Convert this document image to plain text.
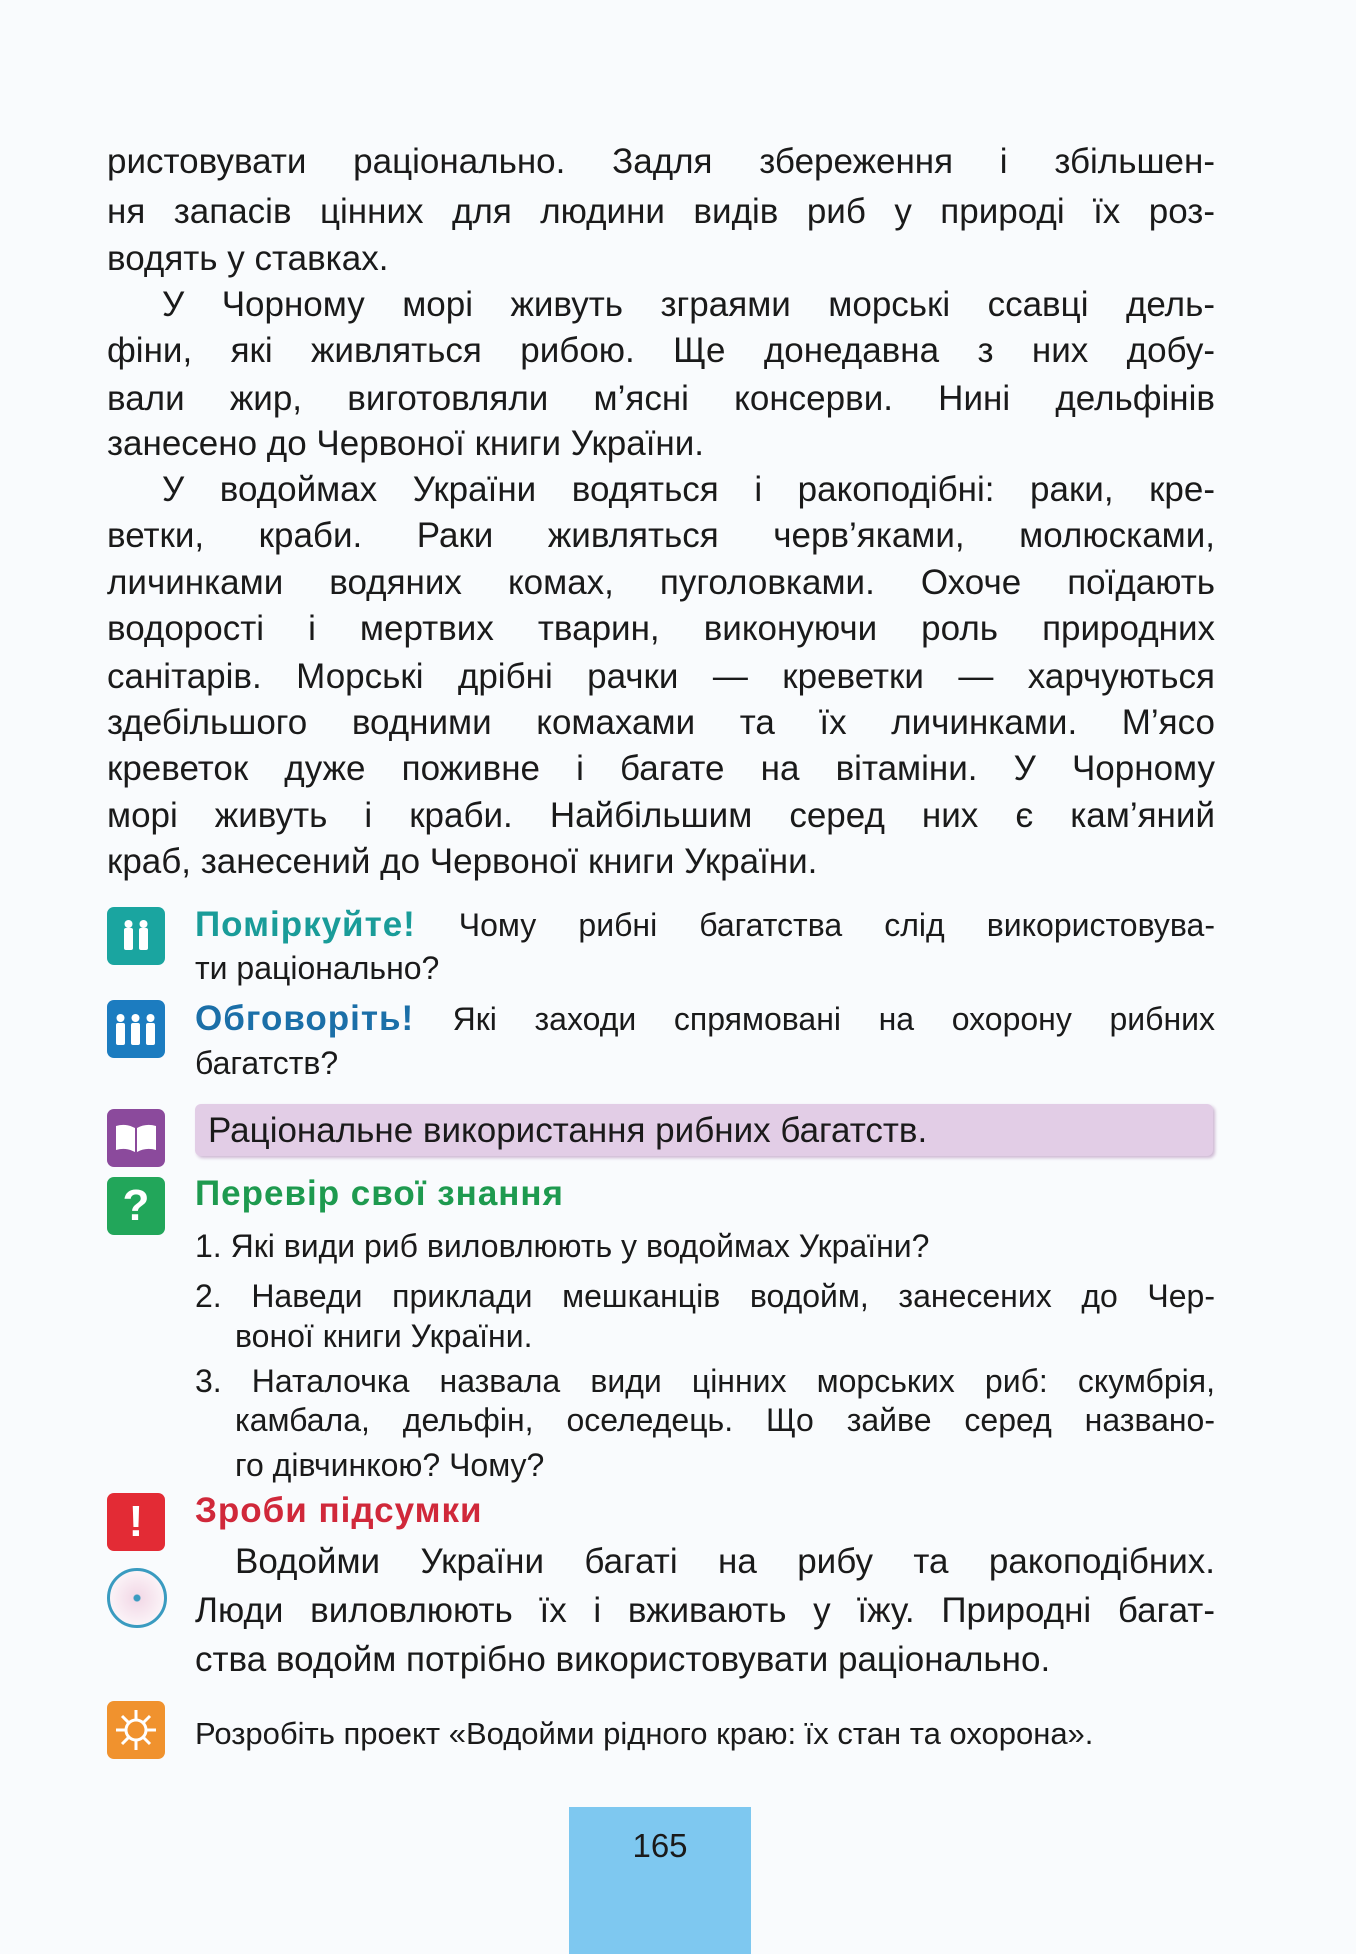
ристовувати раціонально. Задля збереження і збільшен-
ня запасів цінних для людини видів риб у природі їх роз-
водять у ставках.
У Чорному морі живуть зграями морські ссавці дель-
фіни, які живляться рибою. Ще донедавна з них добу-
вали жир, виготовляли м’ясні консерви. Нині дельфінів
занесено до Червоної книги України.
У водоймах України водяться і ракоподібні: раки, кре-
ветки, краби. Раки живляться черв’яками, молюсками,
личинками водяних комах, пуголовками. Охоче поїдають
водорості і мертвих тварин, виконуючи роль природних
санітарів. Морські дрібні рачки — креветки — харчуються
здебільшого водними комахами та їх личинками. М’ясо
креветок дуже поживне і багате на вітаміни. У Чорному
морі живуть і краби. Найбільшим серед них є кам’яний
краб, занесений до Червоної книги України.
Поміркуйте! Чому рибні багатства слід використовува-
ти раціонально?
Обговоріть! Які заходи спрямовані на охорону рибних
багатств?
Раціональне використання рибних багатств.
?	Перевір свої знання
1. Які види риб виловлюють у водоймах України?
2. Наведи приклади мешканців водойм, занесених до Чер-
воної книги України.
3. Наталочка назвала види цінних морських риб: скумбрія,
камбала, дельфін, оселедець. Що зайве серед названо-
го дівчинкою? Чому?
!	Зроби підсумки
Водойми України багаті на рибу та ракоподібних.
Люди виловлюють їх і вживають у їжу. Природні багат-
ства водойм потрібно використовувати раціонально.
Розробіть проект «Водойми рідного краю: їх стан та охорона».
165
